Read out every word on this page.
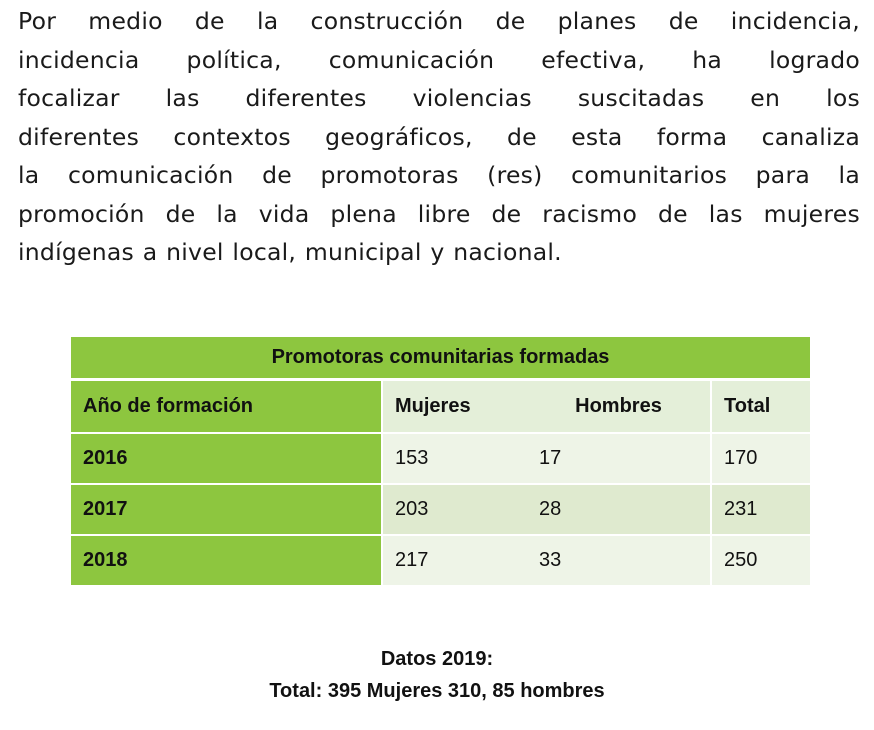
Por medio de la construcción de planes de incidencia,
incidencia política, comunicación efectiva, ha logrado
focalizar las diferentes violencias suscitadas en los
diferentes contextos geográficos, de esta forma canaliza
la comunicación de promotoras (res) comunitarios para la
promoción de la vida plena libre de racismo de las mujeres
indígenas a nivel local, municipal y nacional.
Promotoras comunitarias formadas			
Año de formación	Mujeres	Hombres	Total
2016	153	17	170
2017	203	28	231
2018	217	33	250
Datos 2019:
Total: 395 Mujeres 310, 85 hombres
